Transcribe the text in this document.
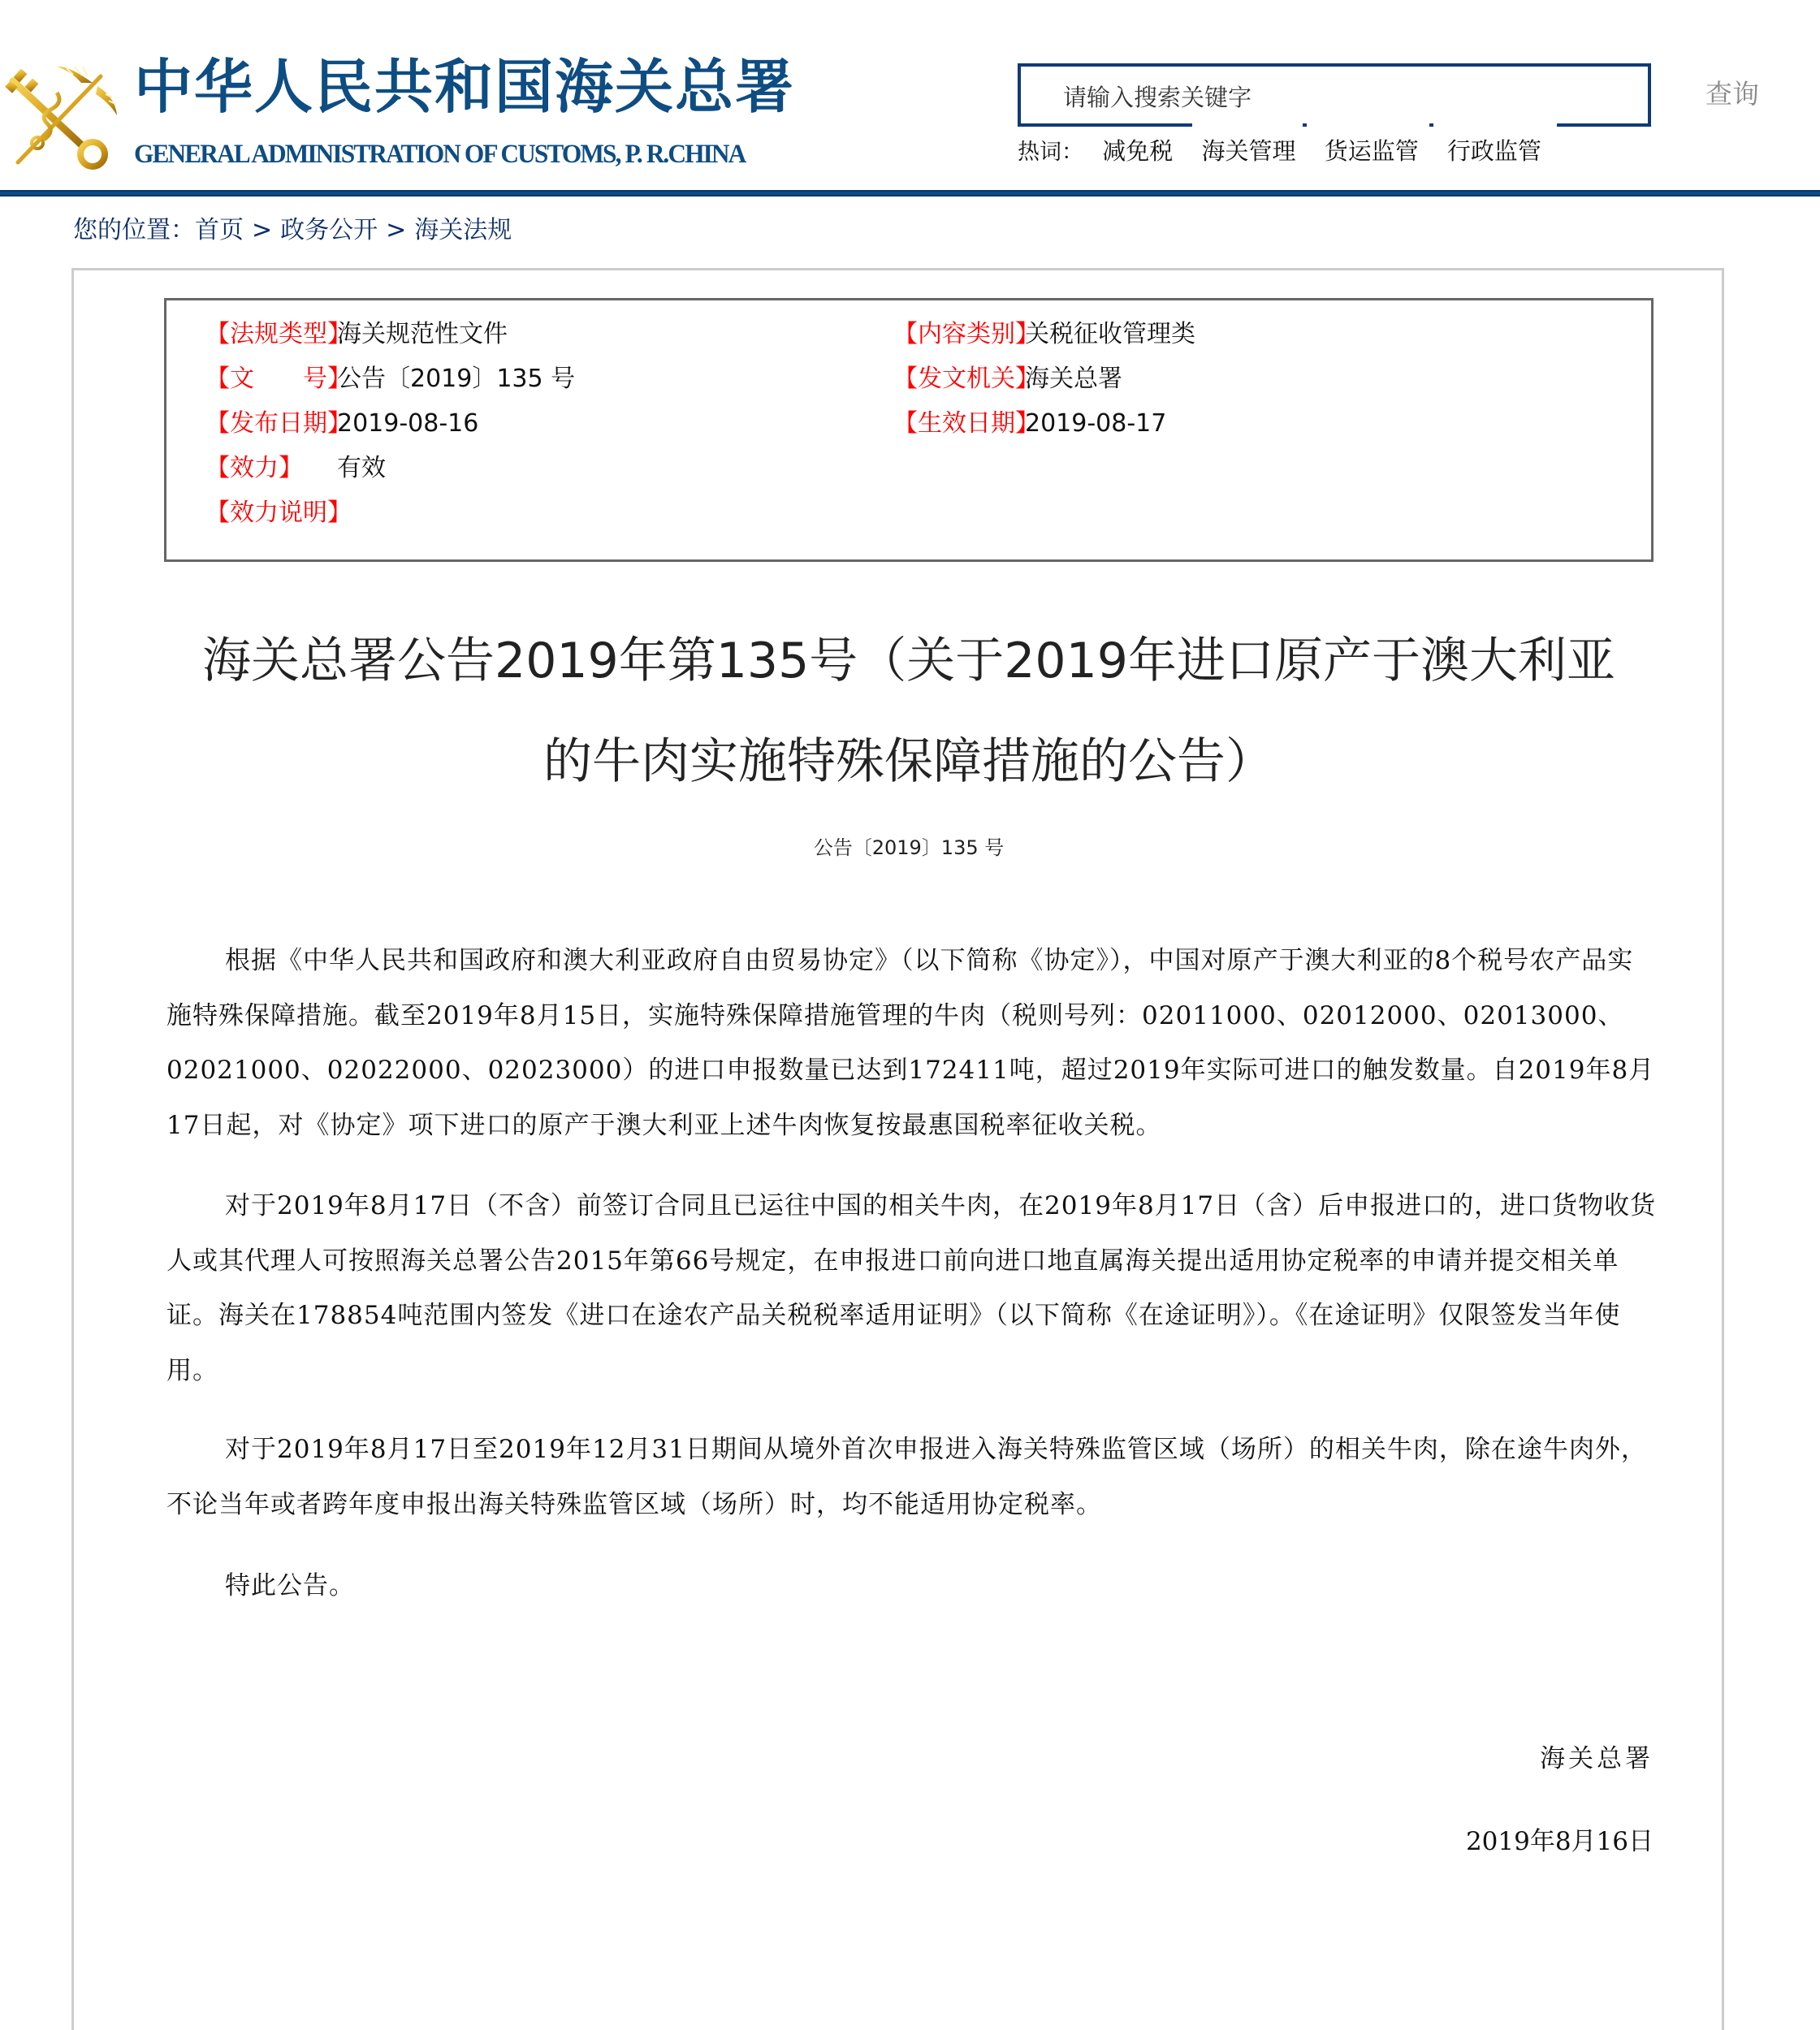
中华人民共和国海关总署
GENERAL ADMINISTRATION OF CUSTOMS, P. R.CHINA
请输入搜索关键字
查询
热词： 减免税 海关管理 货运监管 行政监管
您的位置：首页 > 政务公开 > 海关法规
【法规类型】
海关规范性文件
【文　　号】
公告〔2019〕135 号
【发布日期】
2019-08-16
【效力】 有效
【效力说明】
【内容类别】
关税征收管理类
【发文机关】
海关总署
【生效日期】
2019-08-17
海关总署公告2019年第135号（关于2019年进口原产于澳大利亚
的牛肉实施特殊保障措施的公告）
公告〔2019〕135 号

根据《中华人民共和国政府和澳大利亚政府自由贸易协定》（以下简称《协定》），中国对原产于澳大利亚的8个税号农产品实施特殊保障措施。截至2019年8月15日，实施特殊保障措施管理的牛肉（税则号列：02011000、02012000、02013000、02021000、02022000、02023000）的进口申报数量已达到172411吨，超过2019年实际可进口的触发数量。自2019年8月17日起，对《协定》项下进口的原产于澳大利亚上述牛肉恢复按最惠国税率征收关税。

对于2019年8月17日（不含）前签订合同且已运往中国的相关牛肉，在2019年8月17日（含）后申报进口的，进口货物收货人或其代理人可按照海关总署公告2015年第66号规定，在申报进口前向进口地直属海关提出适用协定税率的申请并提交相关单证。海关在178854吨范围内签发《进口在途农产品关税税率适用证明》（以下简称《在途证明》）。《在途证明》仅限签发当年使用。

对于2019年8月17日至2019年12月31日期间从境外首次申报进入海关特殊监管区域（场所）的相关牛肉，除在途牛肉外，不论当年或者跨年度申报出海关特殊监管区域（场所）时，均不能适用协定税率。

特此公告。

海关总署
2019年8月16日
